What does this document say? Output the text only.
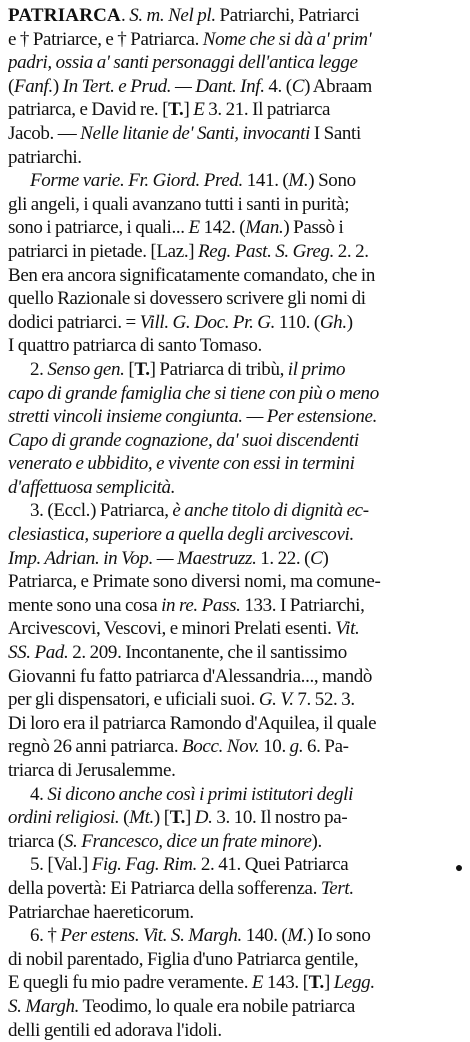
PATRIARCA. S. m. Nel pl. Patriarchi, Patriarci
e † Patriarce, e † Patriarca. Nome che si dà a' prim'
padri, ossia a' santi personaggi dell'antica legge
(Fanf.) In Tert. e Prud. — Dant. Inf. 4. (C) Abraam
patriarca, e David re. [T.] E 3. 21. Il patriarca
Jacob. — Nelle litanie de' Santi, invocanti I Santi
patriarchi.
Forme varie. Fr. Giord. Pred. 141. (M.) Sono
gli angeli, i quali avanzano tutti i santi in purità;
sono i patriarce, i quali... E 142. (Man.) Passò i
patriarci in pietade. [Laz.] Reg. Past. S. Greg. 2. 2.
Ben era ancora significatamente comandato, che in
quello Razionale si dovessero scrivere gli nomi di
dodici patriarci. = Vill. G. Doc. Pr. G. 110. (Gh.)
I quattro patriarca di santo Tomaso.
2. Senso gen. [T.] Patriarca di tribù, il primo
capo di grande famiglia che si tiene con più o meno
stretti vincoli insieme congiunta. — Per estensione.
Capo di grande cognazione, da' suoi discendenti
venerato e ubbidito, e vivente con essi in termini
d'affettuosa semplicità.
3. (Eccl.) Patriarca, è anche titolo di dignità ec-
clesiastica, superiore a quella degli arcivescovi.
Imp. Adrian. in Vop. — Maestruzz. 1. 22. (C)
Patriarca, e Primate sono diversi nomi, ma comune-
mente sono una cosa in re. Pass. 133. I Patriarchi,
Arcivescovi, Vescovi, e minori Prelati esenti. Vit.
SS. Pad. 2. 209. Incontanente, che il santissimo
Giovanni fu fatto patriarca d'Alessandria..., mandò
per gli dispensatori, e uficiali suoi. G. V. 7. 52. 3.
Di loro era il patriarca Ramondo d'Aquilea, il quale
regnò 26 anni patriarca. Bocc. Nov. 10. g. 6. Pa-
triarca di Jerusalemme.
4. Si dicono anche così i primi istitutori degli
ordini religiosi. (Mt.) [T.] D. 3. 10. Il nostro pa-
triarca (S. Francesco, dice un frate minore).
5. [Val.] Fig. Fag. Rim. 2. 41. Quei Patriarca
della povertà: Ei Patriarca della sofferenza. Tert.
Patriarchae haereticorum.
6. † Per estens. Vit. S. Margh. 140. (M.) Io sono
di nobil parentado, Figlia d'uno Patriarca gentile,
E quegli fu mio padre veramente. E 143. [T.] Legg.
S. Margh. Teodimo, lo quale era nobile patriarca
delli gentili ed adorava l'idoli.
●
